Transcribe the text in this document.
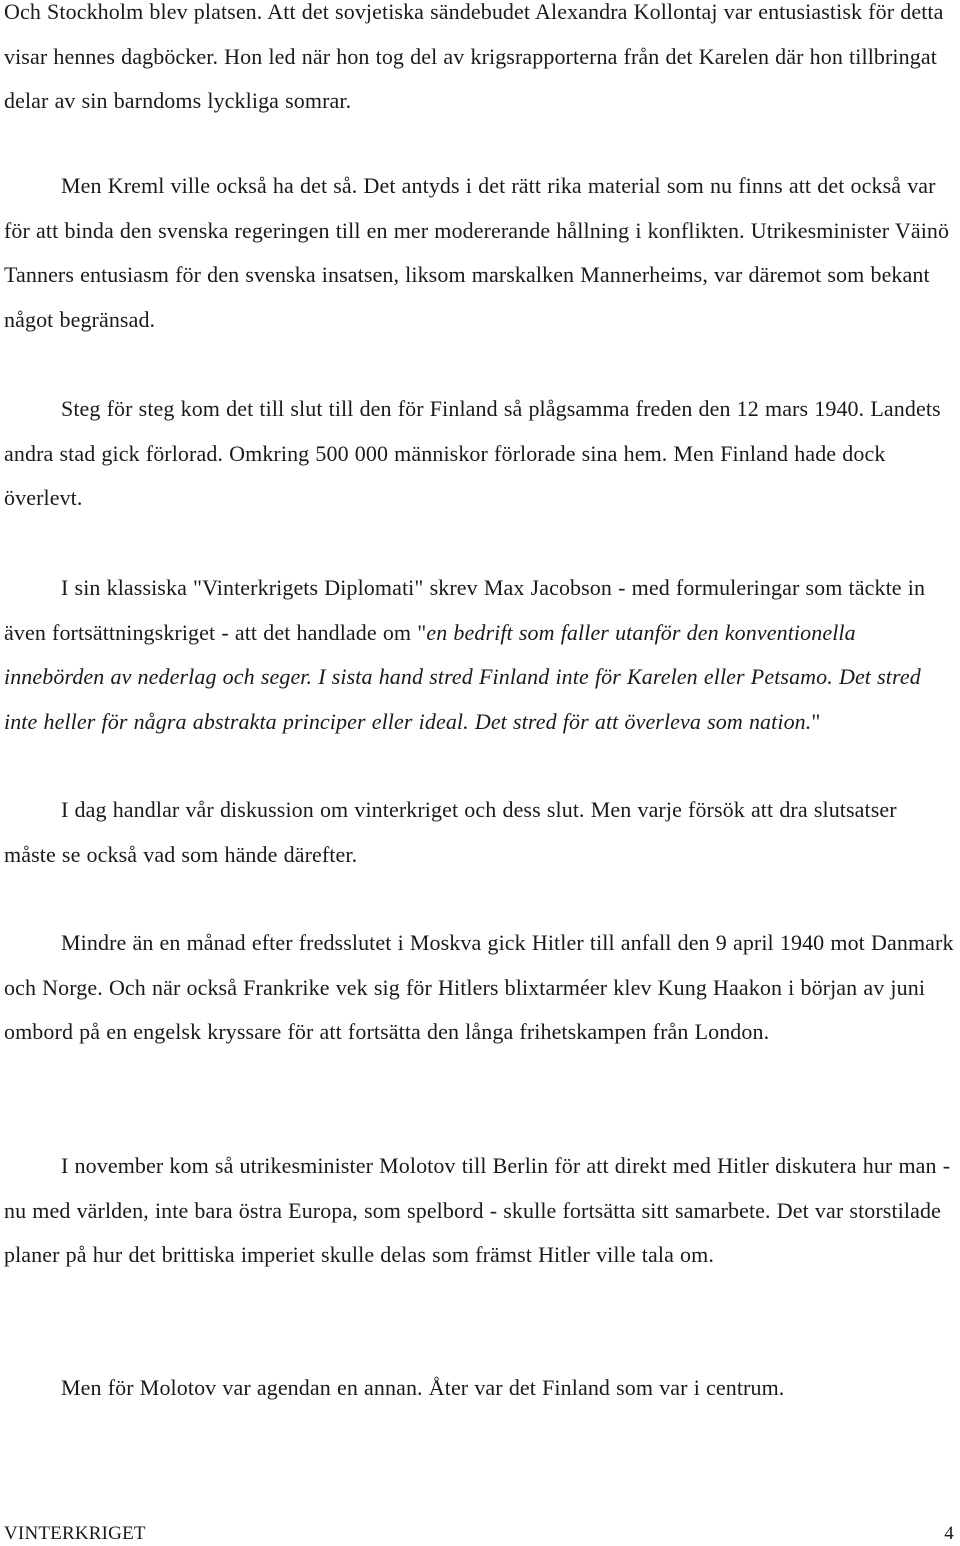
Och Stockholm blev platsen. Att det sovjetiska sändebudet Alexandra Kollontaj var entusiastisk för detta visar hennes dagböcker. Hon led när hon tog del av krigsrapporterna från det Karelen där hon tillbringat delar av sin barndoms lyckliga somrar.

Men Kreml ville också ha det så. Det antyds i det rätt rika material som nu finns att det också var för att binda den svenska regeringen till en mer modererande hållning i konflikten. Utrikesminister Väinö Tanners entusiasm för den svenska insatsen, liksom marskalken Mannerheims, var däremot som bekant något begränsad.

Steg för steg kom det till slut till den för Finland så plågsamma freden den 12 mars 1940. Landets andra stad gick förlorad. Omkring 500 000 människor förlorade sina hem. Men Finland hade dock överlevt.

I sin klassiska "Vinterkrigets Diplomati" skrev Max Jacobson - med formuleringar som täckte in även fortsättningskriget - att det handlade om "en bedrift som faller utanför den konventionella innebörden av nederlag och seger. I sista hand stred Finland inte för Karelen eller Petsamo. Det stred inte heller för några abstrakta principer eller ideal. Det stred för att överleva som nation."

I dag handlar vår diskussion om vinterkriget och dess slut. Men varje försök att dra slutsatser måste se också vad som hände därefter.

Mindre än en månad efter fredsslutet i Moskva gick Hitler till anfall den 9 april 1940 mot Danmark och Norge. Och när också Frankrike vek sig för Hitlers blixtarméer klev Kung Haakon i början av juni ombord på en engelsk kryssare för att fortsätta den långa frihetskampen från London.

I november kom så utrikesminister Molotov till Berlin för att direkt med Hitler diskutera hur man - nu med världen, inte bara östra Europa, som spelbord - skulle fortsätta sitt samarbete. Det var storstilade planer på hur det brittiska imperiet skulle delas som främst Hitler ville tala om.

Men för Molotov var agendan en annan. Åter var det Finland som var i centrum.

VINTERKRIGET	4
